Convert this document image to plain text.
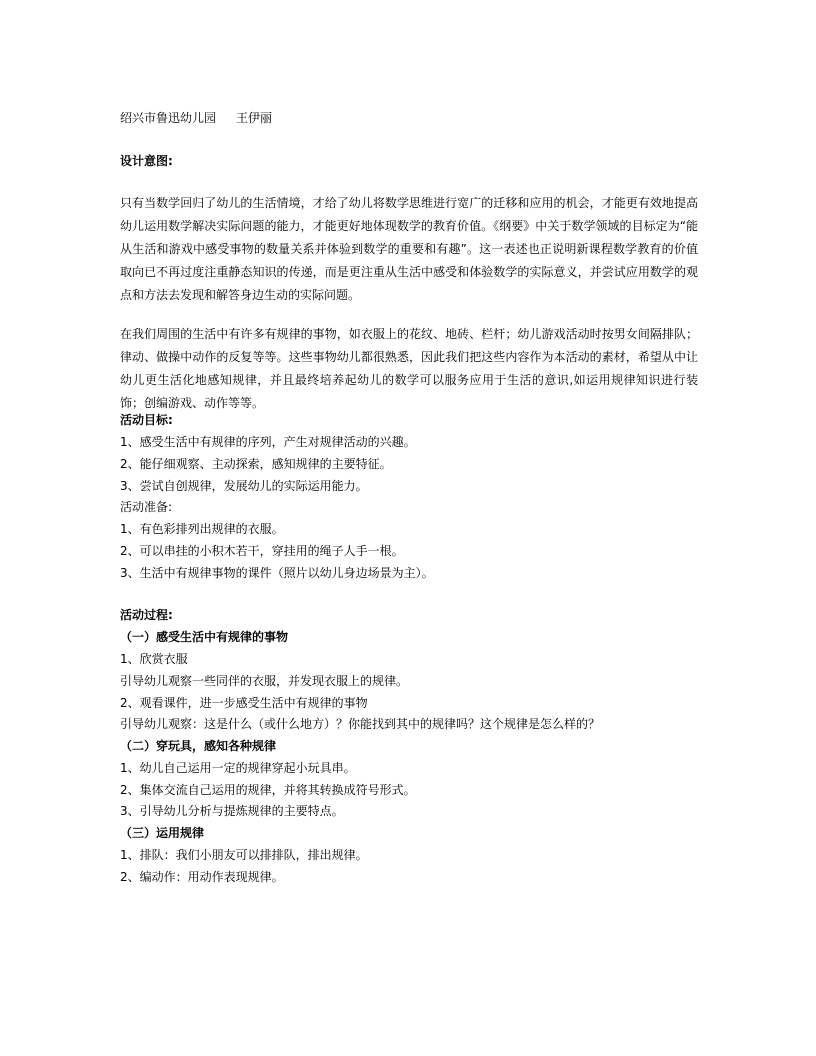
绍兴市鲁迅幼儿园 王伊丽
设计意图:
只有当数学回归了幼儿的生活情境，才给了幼儿将数学思维进行宽广的迁移和应用的机会，才能更有效地提高幼儿运用数学解决实际问题的能力，才能更好地体现数学的教育价值。《纲要》中关于数学领域的目标定为“能从生活和游戏中感受事物的数量关系并体验到数学的重要和有趣”。这一表述也正说明新课程数学教育的价值取向已不再过度注重静态知识的传递，而是更注重从生活中感受和体验数学的实际意义，并尝试应用数学的观点和方法去发现和解答身边生动的实际问题。
在我们周围的生活中有许多有规律的事物，如衣服上的花纹、地砖、栏杆；幼儿游戏活动时按男女间隔排队；律动、做操中动作的反复等等。这些事物幼儿都很熟悉，因此我们把这些内容作为本活动的素材，希望从中让幼儿更生活化地感知规律，并且最终培养起幼儿的数学可以服务应用于生活的意识,如运用规律知识进行装饰；创编游戏、动作等等。
活动目标:
1、感受生活中有规律的序列，产生对规律活动的兴趣。
2、能仔细观察、主动探索，感知规律的主要特征。
3、尝试自创规律，发展幼儿的实际运用能力。
活动准备:
1、有色彩排列出规律的衣服。
2、可以串挂的小积木若干，穿挂用的绳子人手一根。
3、生活中有规律事物的课件（照片以幼儿身边场景为主）。
活动过程:
（一）感受生活中有规律的事物
1、欣赏衣服
引导幼儿观察一些同伴的衣服，并发现衣服上的规律。
2、观看课件，进一步感受生活中有规律的事物
引导幼儿观察：这是什么（或什么地方）？你能找到其中的规律吗？这个规律是怎么样的？
（二）穿玩具，感知各种规律
1、幼儿自己运用一定的规律穿起小玩具串。
2、集体交流自己运用的规律，并将其转换成符号形式。
3、引导幼儿分析与提炼规律的主要特点。
（三）运用规律
1、排队：我们小朋友可以排排队，排出规律。
2、编动作：用动作表现规律。
